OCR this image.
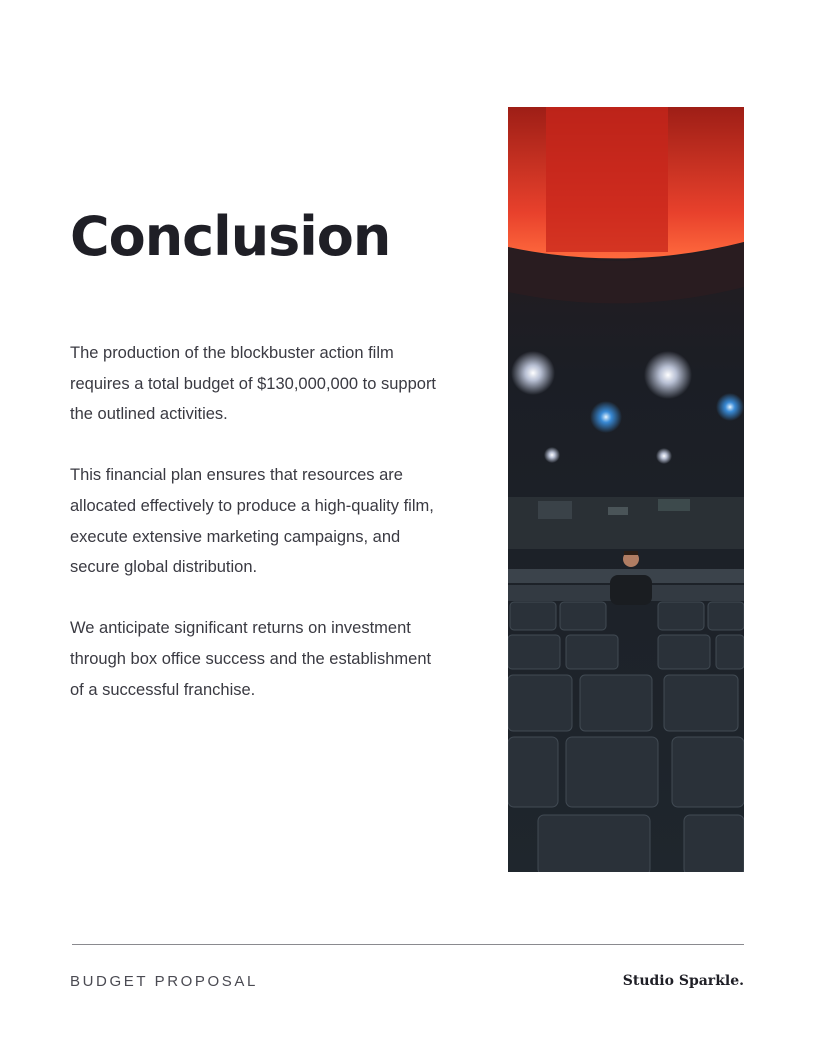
Conclusion

The production of the blockbuster action film requires a total budget of $130,000,000 to support the outlined activities.

This financial plan ensures that resources are allocated effectively to produce a high-quality film, execute extensive marketing campaigns, and secure global distribution.

We anticipate significant returns on investment through box office success and the establishment of a successful franchise.

BUDGET PROPOSAL	Studio Sparkle.
